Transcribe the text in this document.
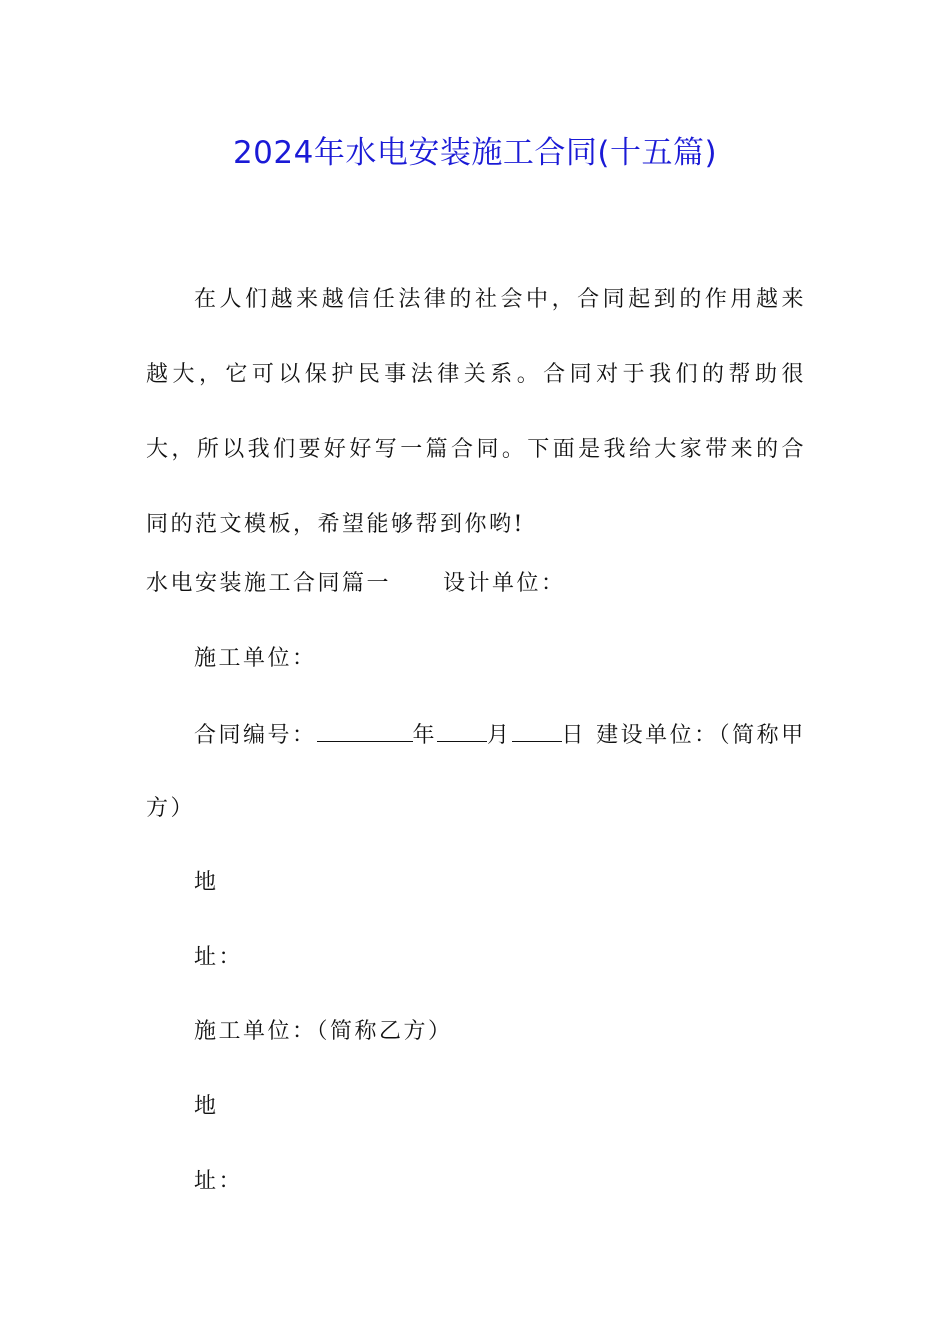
2024年水电安装施工合同(十五篇)

在人们越来越信任法律的社会中，合同起到的作用越来越大，它可以保护民事法律关系。合同对于我们的帮助很大，所以我们要好好写一篇合同。下面是我给大家带来的合同的范文模板，希望能够帮到你哟!

水电安装施工合同篇一 设计单位：
施工单位：
合同编号：	年 月 日 建设单位：（简称甲
方）
地
址：
施工单位：（简称乙方）
地
址：
